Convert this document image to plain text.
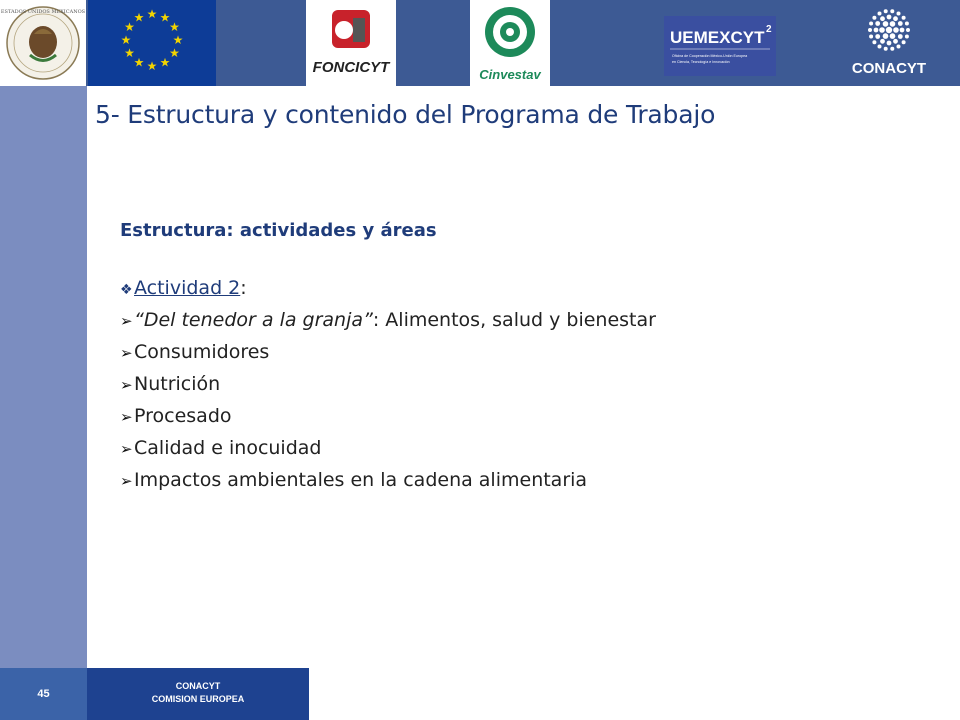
ESTADOS UNIDOS MEXICANOS	★ ★
★
★
★
★
★
★
★
★
★
★
FONCICYT	Cinvestav
UEMEXCYT 2
Oficina de Cooperación México-Unión Europea
en Ciencia, Tecnología e Innovación	CONACYT
5- Estructura y contenido del Programa de Trabajo
Estructura: actividades y áreas
❖Actividad 2:
➢“Del tenedor a la granja”: Alimentos, salud y bienestar
➢Consumidores
➢Nutrición
➢Procesado
➢Calidad e inocuidad
➢Impactos ambientales en la cadena alimentaria
45
CONACYT
COMISION EUROPEA
